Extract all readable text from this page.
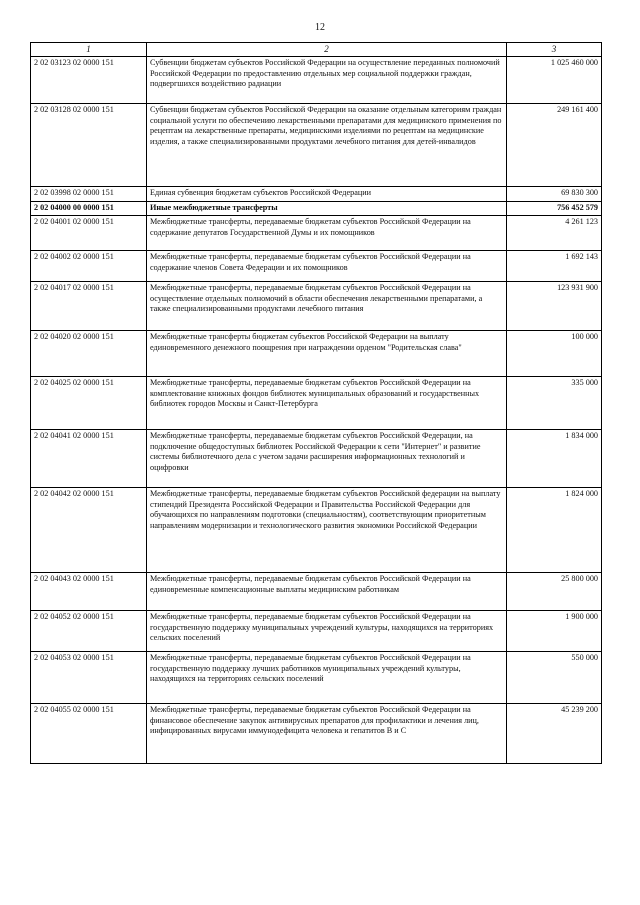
12
1	2	3
2 02 03123 02 0000 151	Субвенции бюджетам субъектов Российской Федерации на осуществление переданных полномочий Российской Федерации по предоставлению отдельных мер социальной поддержки граждан, подвергшихся воздействию радиации	1 025 460 000
2 02 03128 02 0000 151	Субвенции бюджетам субъектов Российской Федерации на оказание отдельным категориям граждан социальной услуги по обеспечению лекарственными препаратами для медицинского применения по рецептам на лекарственные препараты, медицинскими изделиями по рецептам на медицинские изделия, а также специализированными продуктами лечебного питания для детей-инвалидов	249 161 400
2 02 03998 02 0000 151	Единая субвенция бюджетам субъектов Российской Федерации	69 830 300
2 02 04000 00 0000 151	Иные межбюджетные трансферты	756 452 579
2 02 04001 02 0000 151	Межбюджетные трансферты, передаваемые бюджетам субъектов Российской Федерации на содержание депутатов Государственной Думы и их помощников	4 261 123
2 02 04002 02 0000 151	Межбюджетные трансферты, передаваемые бюджетам субъектов Российской Федерации на содержание членов Совета Федерации и их помощников	1 692 143
2 02 04017 02 0000 151	Межбюджетные трансферты, передаваемые бюджетам субъектов Российской Федерации на осуществление отдельных полномочий в области обеспечения лекарственными препаратами, а также специализированными продуктами лечебного питания	123 931 900
2 02 04020 02 0000 151	Межбюджетные трансферты бюджетам субъектов Российской Федерации на выплату единовременного денежного поощрения при награждении орденом "Родительская слава"	100 000
2 02 04025 02 0000 151	Межбюджетные трансферты, передаваемые бюджетам субъектов Российской Федерации на комплектование книжных фондов библиотек муниципальных образований и государственных библиотек городов Москвы и Санкт-Петербурга	335 000
2 02 04041 02 0000 151	Межбюджетные трансферты, передаваемые бюджетам субъектов Российской Федерации, на подключение общедоступных библиотек Российской Федерации к сети "Интернет" и развитие системы библиотечного дела с учетом задачи расширения информационных технологий и оцифровки	1 834 000
2 02 04042 02 0000 151	Межбюджетные трансферты, передаваемые бюджетам субъектов Российской федерации на выплату стипендий Президента Российской Федерации и Правительства Российской Федерации для обучающихся по направлениям подготовки (специальностям), соответствующим приоритетным направлениям модернизации и технологического развития экономики Российской Федерации	1 824 000
2 02 04043 02 0000 151	Межбюджетные трансферты, передаваемые бюджетам субъектов Российской Федерации на единовременные компенсационные выплаты медицинским работникам	25 800 000
2 02 04052 02 0000 151	Межбюджетные трансферты, передаваемые бюджетам субъектов Российской Федерации на государственную поддержку муниципальных учреждений культуры, находящихся на территориях сельских поселений	1 900 000
2 02 04053 02 0000 151	Межбюджетные трансферты, передаваемые бюджетам субъектов Российской Федерации на государственную поддержку лучших работников муниципальных учреждений культуры, находящихся на территориях сельских поселений	550 000
2 02 04055 02 0000 151	Межбюджетные трансферты, передаваемые бюджетам субъектов Российской Федерации на финансовое обеспечение закупок антивирусных препаратов для профилактики и лечения лиц, инфицированных вирусами иммунодефицита человека и гепатитов В и С	45 239 200
